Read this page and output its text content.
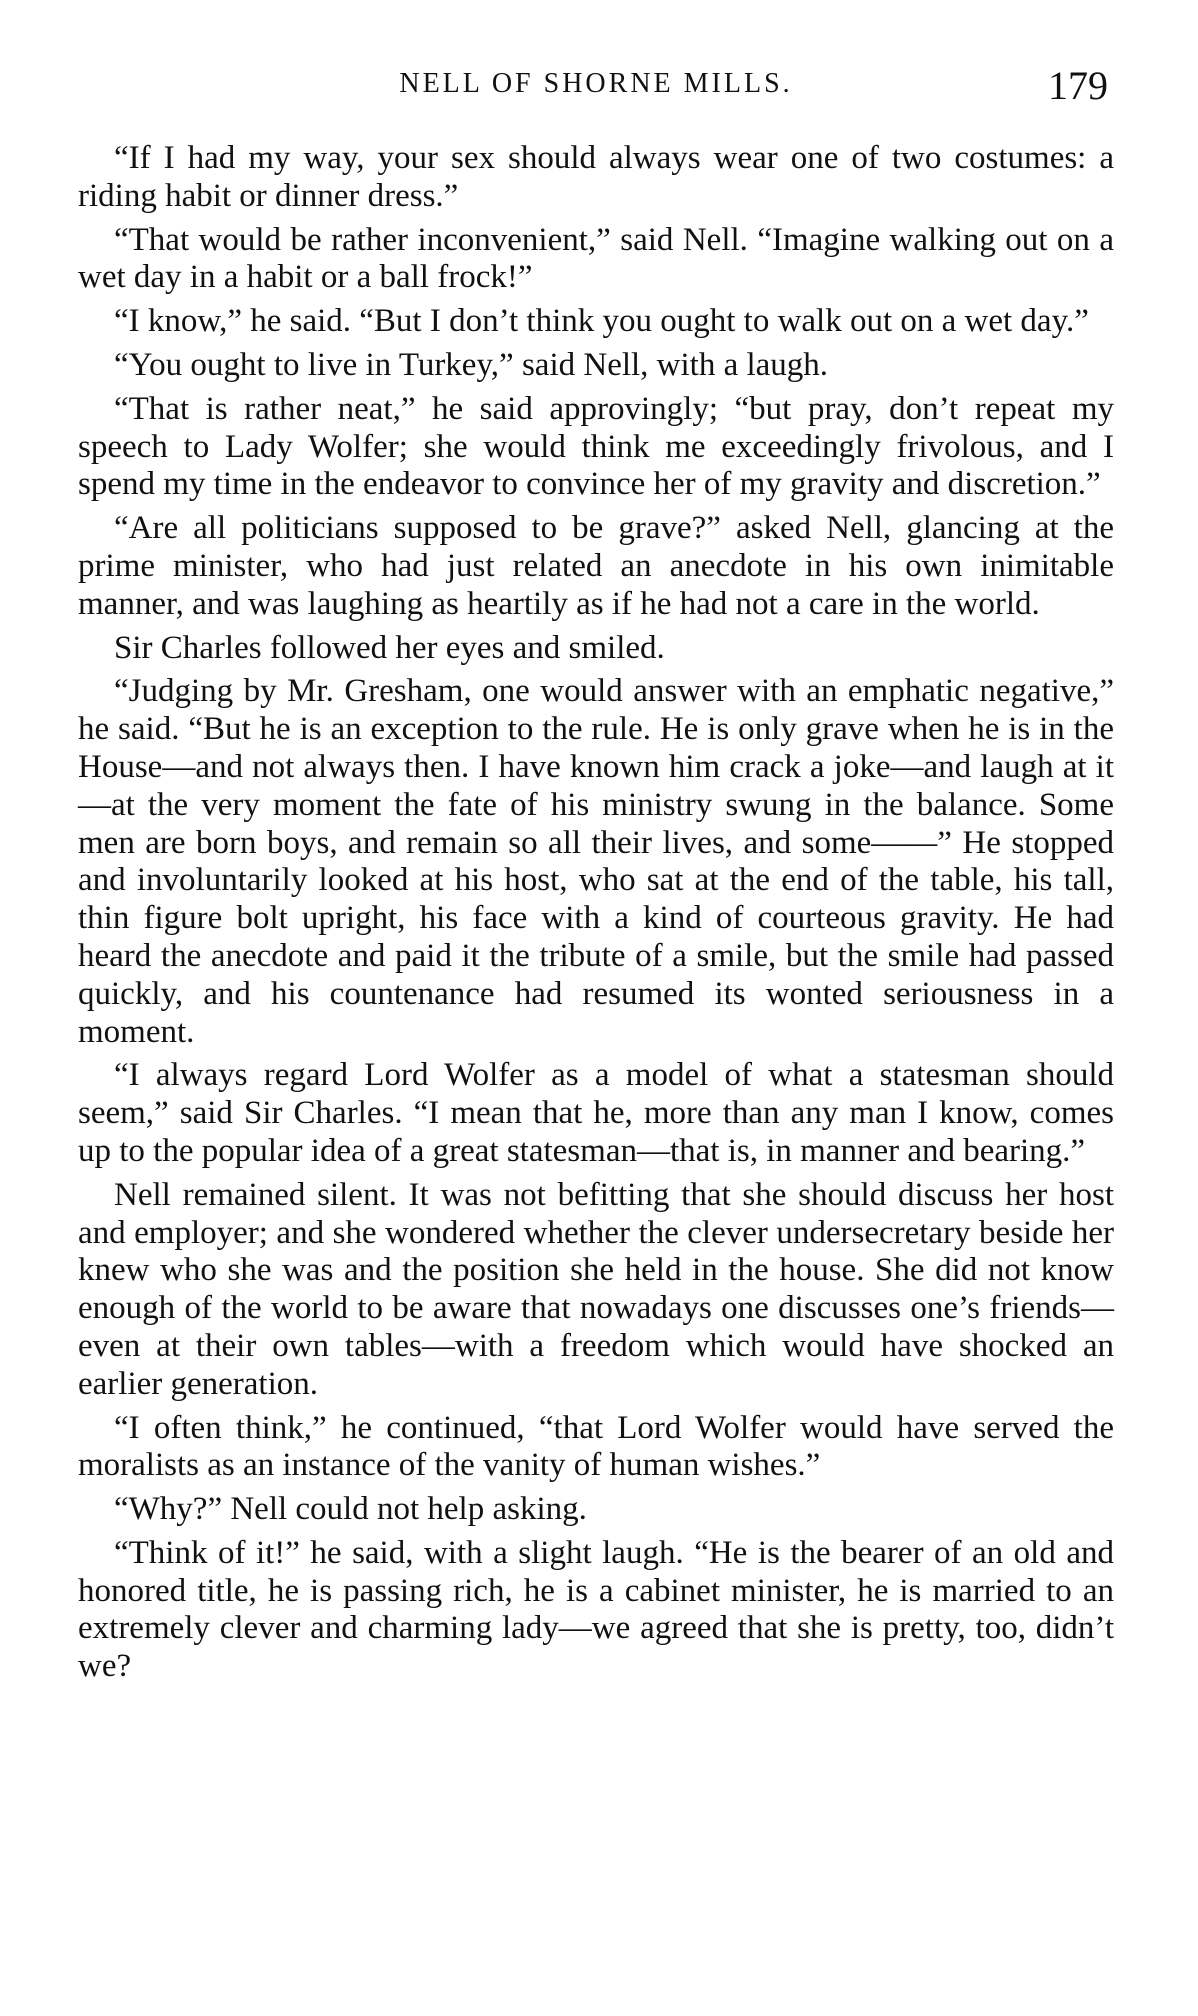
NELL OF SHORNE MILLS.	179

“If I had my way, your sex should always wear one of two costumes: a riding habit or dinner dress.”

“That would be rather inconvenient,” said Nell. “Imagine walking out on a wet day in a habit or a ball frock!”

“I know,” he said. “But I don’t think you ought to walk out on a wet day.”

“You ought to live in Turkey,” said Nell, with a laugh.

“That is rather neat,” he said approvingly; “but pray, don’t repeat my speech to Lady Wolfer; she would think me exceedingly frivolous, and I spend my time in the endeavor to convince her of my gravity and discretion.”

“Are all politicians supposed to be grave?” asked Nell, glancing at the prime minister, who had just related an anecdote in his own inimitable manner, and was laughing as heartily as if he had not a care in the world.

Sir Charles followed her eyes and smiled.

“Judging by Mr. Gresham, one would answer with an emphatic negative,” he said. “But he is an exception to the rule. He is only grave when he is in the House—and not always then. I have known him crack a joke—and laugh at it—at the very moment the fate of his ministry swung in the balance. Some men are born boys, and remain so all their lives, and some——” He stopped and involuntarily looked at his host, who sat at the end of the table, his tall, thin figure bolt upright, his face with a kind of courteous gravity. He had heard the anecdote and paid it the tribute of a smile, but the smile had passed quickly, and his countenance had resumed its wonted seriousness in a moment.

“I always regard Lord Wolfer as a model of what a statesman should seem,” said Sir Charles. “I mean that he, more than any man I know, comes up to the popular idea of a great statesman—that is, in manner and bearing.”

Nell remained silent. It was not befitting that she should discuss her host and employer; and she wondered whether the clever undersecretary beside her knew who she was and the position she held in the house. She did not know enough of the world to be aware that nowadays one discusses one’s friends—even at their own tables—with a freedom which would have shocked an earlier generation.

“I often think,” he continued, “that Lord Wolfer would have served the moralists as an instance of the vanity of human wishes.”

“Why?” Nell could not help asking.

“Think of it!” he said, with a slight laugh. “He is the bearer of an old and honored title, he is passing rich, he is a cabinet minister, he is married to an extremely clever and charming lady—we agreed that she is pretty, too, didn’t we?
